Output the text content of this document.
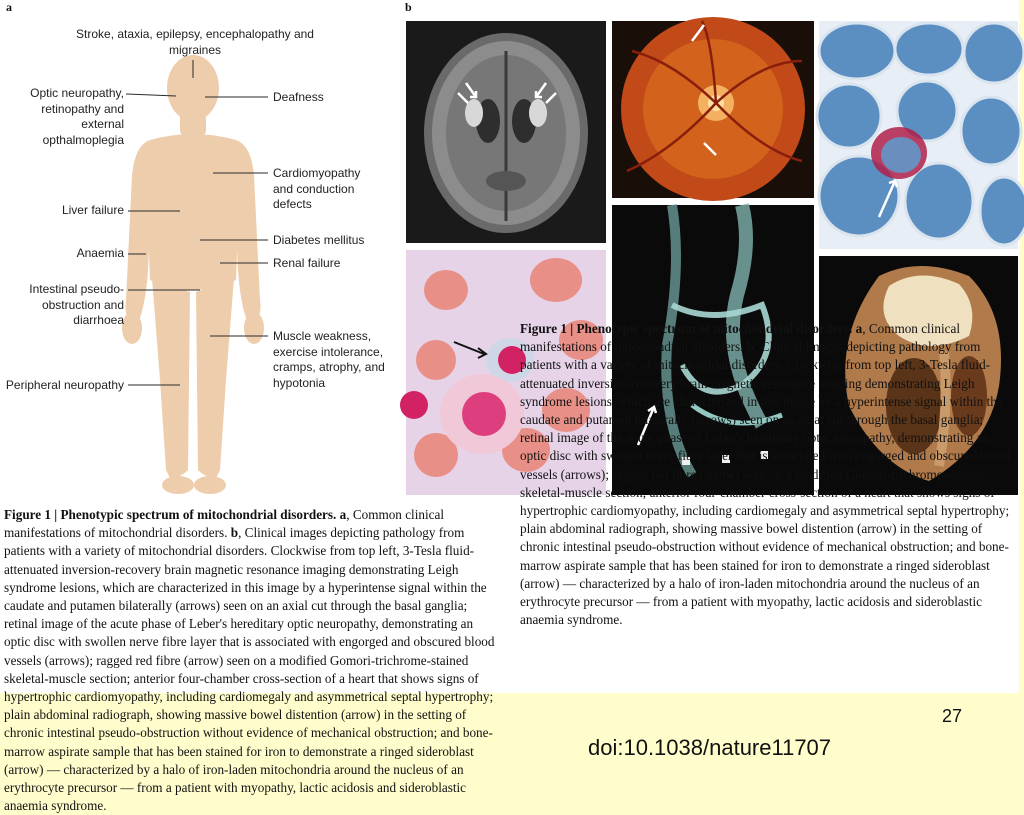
a
Stroke, ataxia, epilepsy, encephalopathy and migraines
Optic neuropathy, retinopathy and external opthalmoplegia
Deafness
Cardiomyopathy and conduction defects
Liver failure
Diabetes mellitus
Anaemia
Renal failure
Intestinal pseudo-obstruction and diarrhoea
Muscle weakness, exercise intolerance, cramps, atrophy, and hypotonia
Peripheral neuropathy
b
Figure 1 | Phenotypic spectrum of mitochondrial disorders. a, Common clinical manifestations of mitochondrial disorders. b, Clinical images depicting pathology from patients with a variety of mitochondrial disorders. Clockwise from top left, 3-Tesla fluid-attenuated inversion-recovery brain magnetic resonance imaging demonstrating Leigh syndrome lesions, which are characterized in this image by a hyperintense signal within the caudate and putamen bilaterally (arrows) seen on an axial cut through the basal ganglia; retinal image of the acute phase of Leber's hereditary optic neuropathy, demonstrating an optic disc with swollen nerve fibre layer that is associated with engorged and obscured blood vessels (arrows); ragged red fibre (arrow) seen on a modified Gomori-trichrome-stained skeletal-muscle section; anterior four-chamber cross-section of a heart that shows signs of hypertrophic cardiomyopathy, including cardiomegaly and asymmetrical septal hypertrophy; plain abdominal radiograph, showing massive bowel distention (arrow) in the setting of chronic intestinal pseudo-obstruction without evidence of mechanical obstruction; and bone-marrow aspirate sample that has been stained for iron to demonstrate a ringed sideroblast (arrow) — characterized by a halo of iron-laden mitochondria around the nucleus of an erythrocyte precursor — from a patient with myopathy, lactic acidosis and sideroblastic anaemia syndrome.
Figure 1 | Phenotypic spectrum of mitochondrial disorders. a, Common clinical manifestations of mitochondrial disorders. b, Clinical images depicting pathology from patients with a variety of mitochondrial disorders. Clockwise from top left, 3-Tesla fluid-attenuated inversion-recovery brain magnetic resonance imaging demonstrating Leigh syndrome lesions, which are characterized in this image by a hyperintense signal within the caudate and putamen bilaterally (arrows) seen on an axial cut through the basal ganglia; retinal image of the acute phase of Leber's hereditary optic neuropathy, demonstrating an optic disc with swollen nerve fibre layer that is associated with engorged and obscured blood vessels (arrows); ragged red fibre (arrow) seen on a modified Gomori-trichrome-stained skeletal-muscle section; anterior four-chamber cross-section of a heart that shows signs of hypertrophic cardiomyopathy, including cardiomegaly and asymmetrical septal hypertrophy; plain abdominal radiograph, showing massive bowel distention (arrow) in the setting of chronic intestinal pseudo-obstruction without evidence of mechanical obstruction; and bone-marrow aspirate sample that has been stained for iron to demonstrate a ringed sideroblast (arrow) — characterized by a halo of iron-laden mitochondria around the nucleus of an erythrocyte precursor — from a patient with myopathy, lactic acidosis and sideroblastic anaemia syndrome.
27
doi:10.1038/nature11707
